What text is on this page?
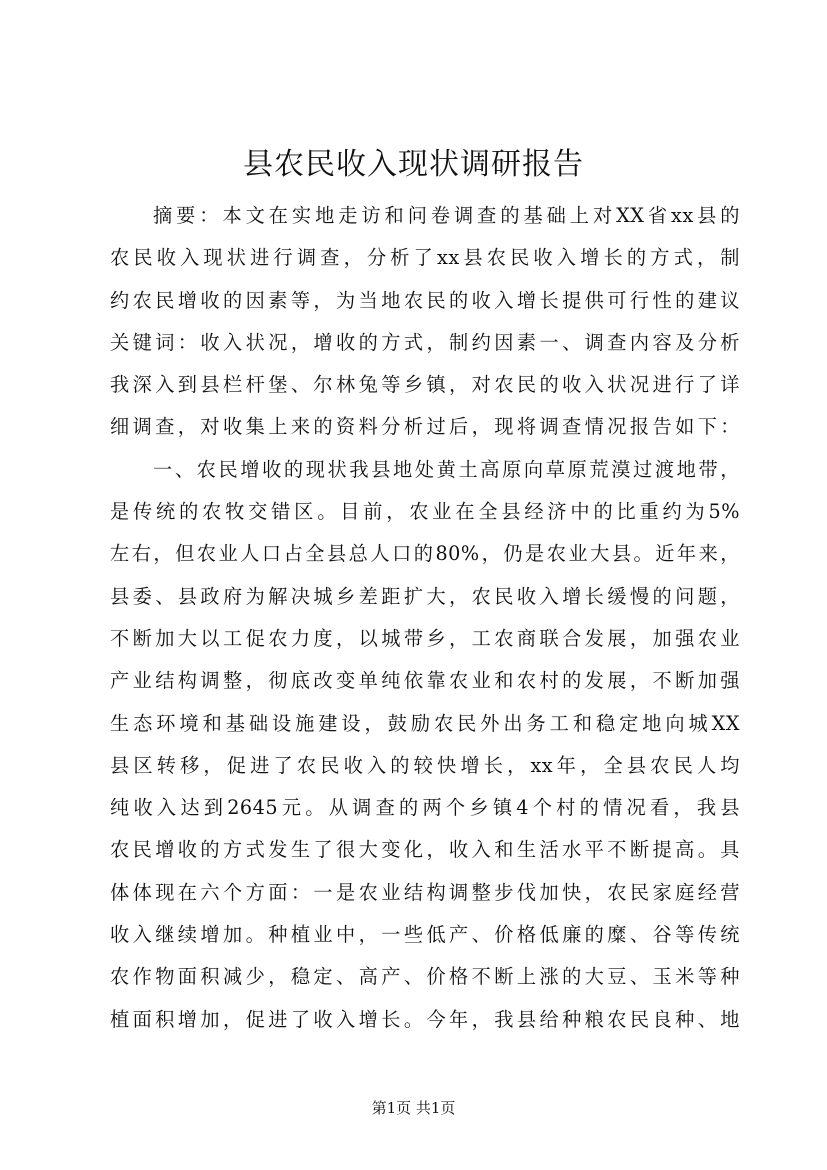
县农民收入现状调研报告
摘要：本文在实地走访和问卷调查的基础上对XX省xx县的
农民收入现状进行调查，分析了xx县农民收入增长的方式，制
约农民增收的因素等，为当地农民的收入增长提供可行性的建议
关键词：收入状况，增收的方式，制约因素一、调查内容及分析
我深入到县栏杆堡、尔林兔等乡镇，对农民的收入状况进行了详
细调查，对收集上来的资料分析过后，现将调查情况报告如下：
一、农民增收的现状我县地处黄土高原向草原荒漠过渡地带，
是传统的农牧交错区。目前，农业在全县经济中的比重约为5%
左右，但农业人口占全县总人口的80%，仍是农业大县。近年来，
县委、县政府为解决城乡差距扩大，农民收入增长缓慢的问题，
不断加大以工促农力度，以城带乡，工农商联合发展，加强农业
产业结构调整，彻底改变单纯依靠农业和农村的发展，不断加强
生态环境和基础设施建设，鼓励农民外出务工和稳定地向城XX
县区转移，促进了农民收入的较快增长，xx年，全县农民人均
纯收入达到2645元。从调查的两个乡镇4个村的情况看，我县
农民增收的方式发生了很大变化，收入和生活水平不断提高。具
体体现在六个方面：一是农业结构调整步伐加快，农民家庭经营
收入继续增加。种植业中，一些低产、价格低廉的糜、谷等传统
农作物面积减少，稳定、高产、价格不断上涨的大豆、玉米等种
植面积增加，促进了收入增长。今年，我县给种粮农民良种、地
第1页 共1页
